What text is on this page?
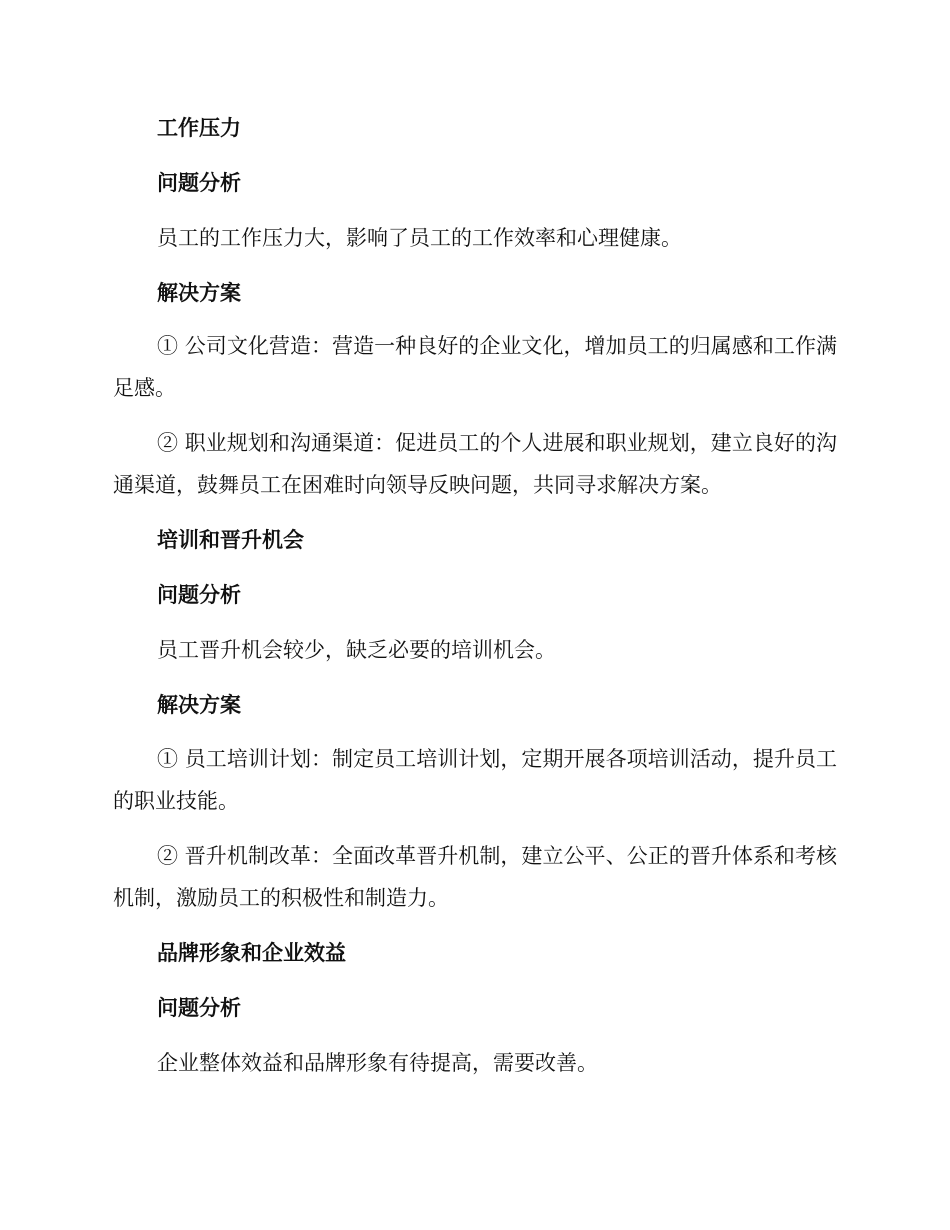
工作压力
问题分析
员工的工作压力大，影响了员工的工作效率和心理健康。
解决方案
① 公司文化营造：营造一种良好的企业文化，增加员工的归属感和工作满足感。
② 职业规划和沟通渠道：促进员工的个人进展和职业规划，建立良好的沟通渠道，鼓舞员工在困难时向领导反映问题，共同寻求解决方案。
培训和晋升机会
问题分析
员工晋升机会较少，缺乏必要的培训机会。
解决方案
① 员工培训计划：制定员工培训计划，定期开展各项培训活动，提升员工的职业技能。
② 晋升机制改革：全面改革晋升机制，建立公平、公正的晋升体系和考核机制，激励员工的积极性和制造力。
品牌形象和企业效益
问题分析
企业整体效益和品牌形象有待提高，需要改善。
